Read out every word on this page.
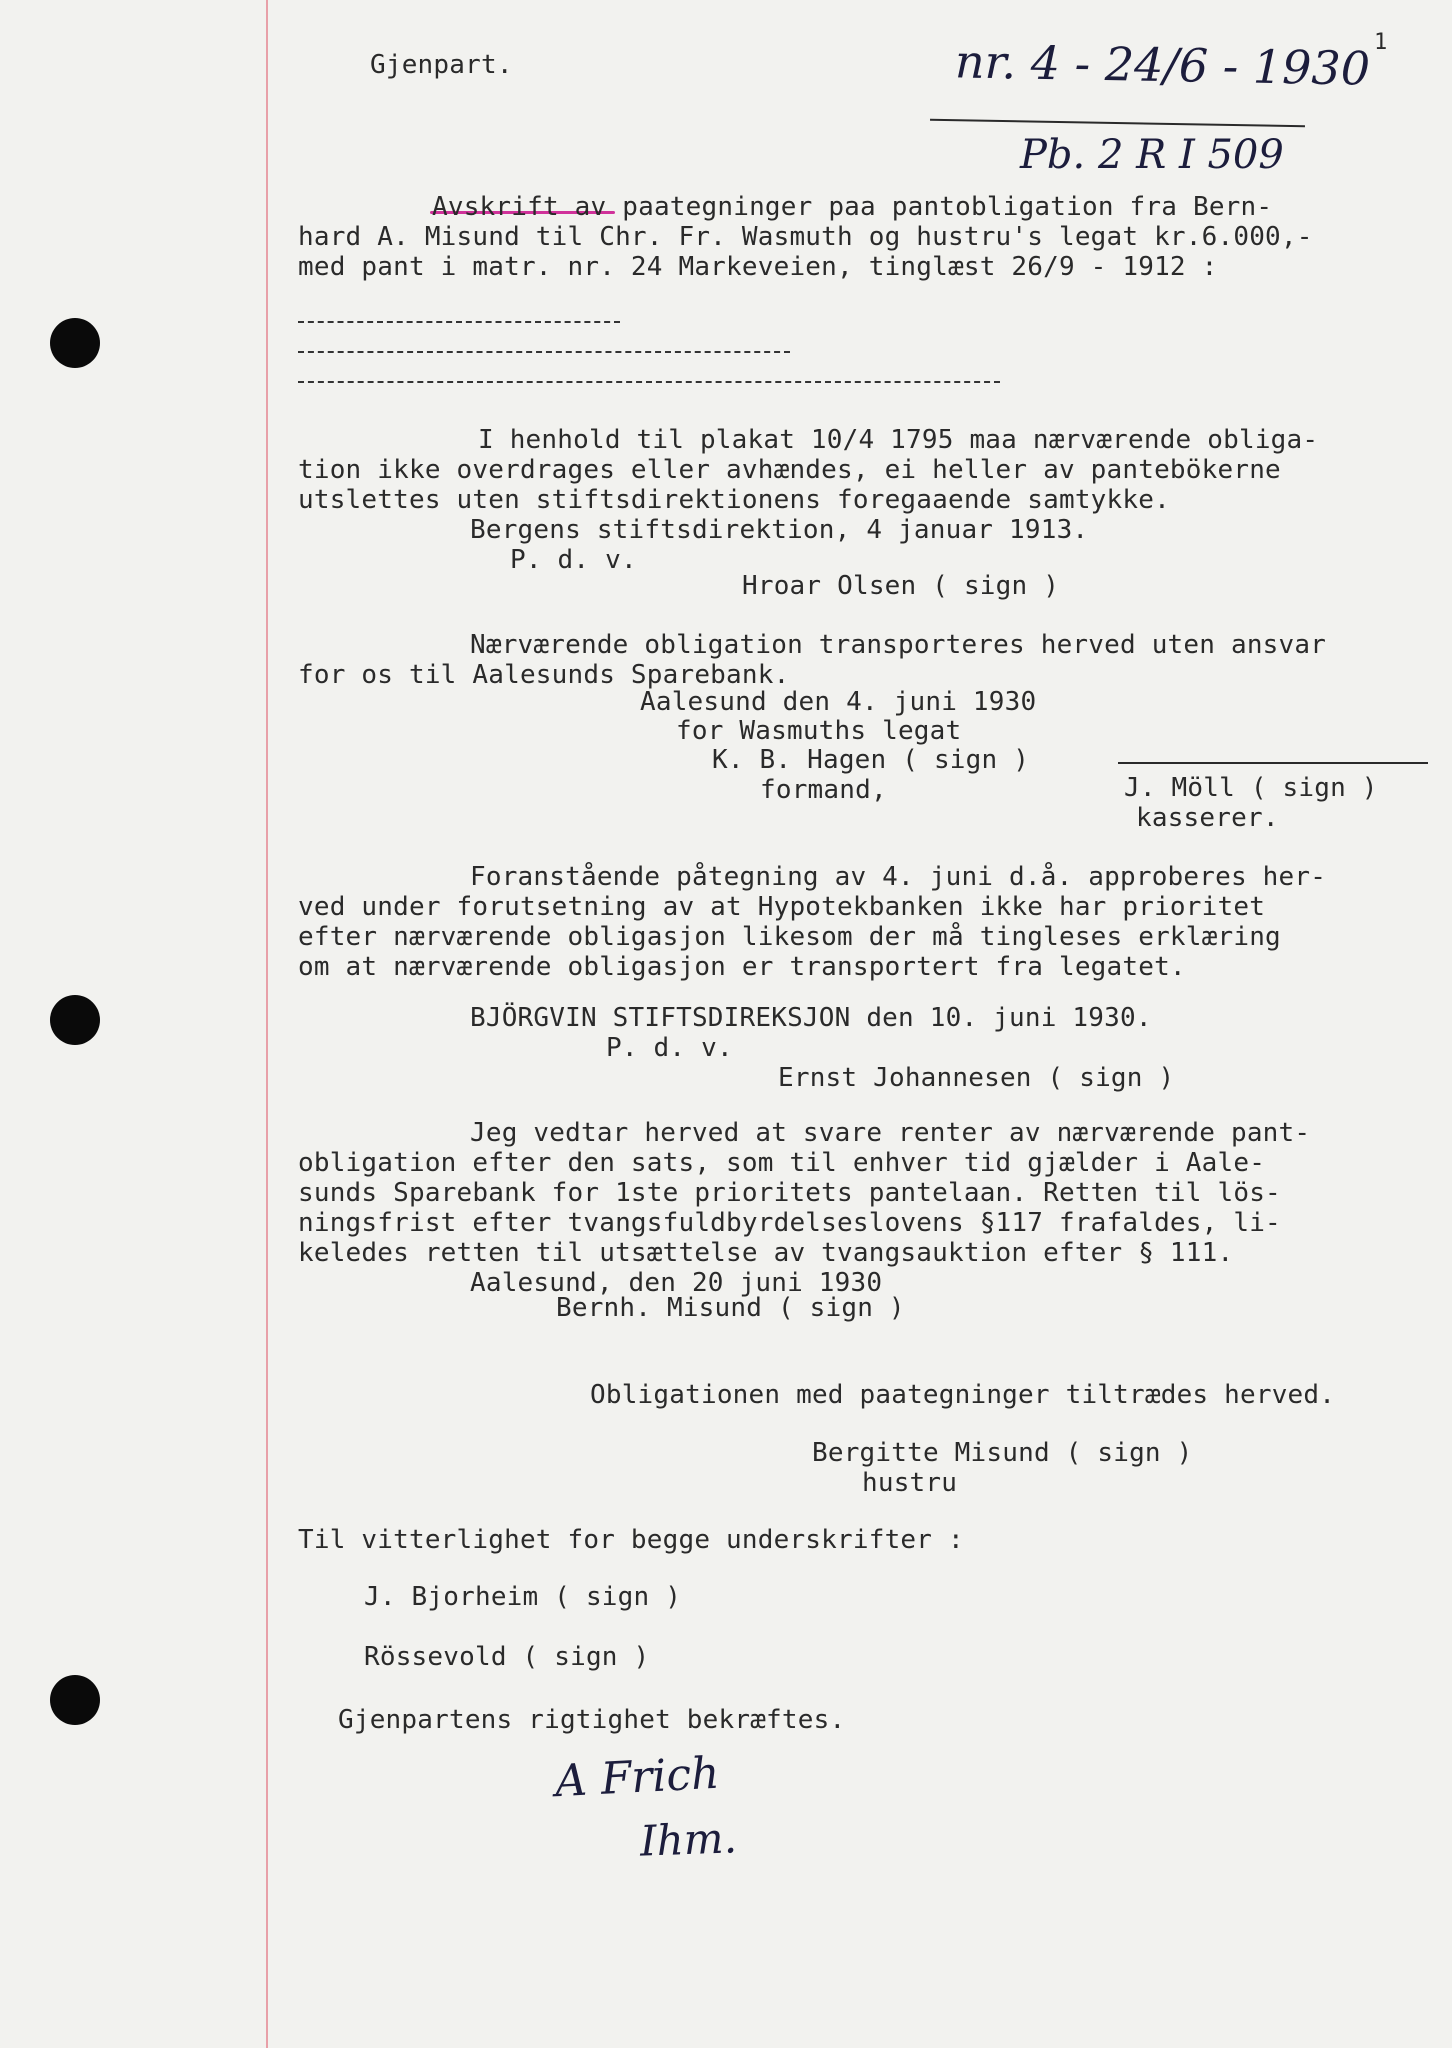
Gjenpart.	nr. 4 - 24/6 - 1930
Pb. 2 R I 509
1
Avskrift av paategninger paa pantobligation fra Bern-
hard A. Misund til Chr. Fr. Wasmuth og hustru's legat kr.6.000,-
med pant i matr. nr. 24 Markeveien, tinglæst 26/9 - 1912 :
I henhold til plakat 10/4 1795 maa nærværende obliga-
tion ikke overdrages eller avhændes, ei heller av pantebökerne
utslettes uten stiftsdirektionens foregaaende samtykke.
Bergens stiftsdirektion, 4 januar 1913.
P. d. v.
Hroar Olsen ( sign )
Nærværende obligation transporteres herved uten ansvar
for os til Aalesunds Sparebank.
Aalesund den 4. juni 1930
for Wasmuths legat
K. B. Hagen ( sign )
formand,	J. Möll ( sign )
kasserer.
Foranstående påtegning av 4. juni d.å. approberes her-
ved under forutsetning av at Hypotekbanken ikke har prioritet
efter nærværende obligasjon likesom der må tingleses erklæring
om at nærværende obligasjon er transportert fra legatet.
BJÖRGVIN STIFTSDIREKSJON den 10. juni 1930.
P. d. v.
Ernst Johannesen ( sign )
Jeg vedtar herved at svare renter av nærværende pant-
obligation efter den sats, som til enhver tid gjælder i Aale-
sunds Sparebank for 1ste prioritets pantelaan. Retten til lös-
ningsfrist efter tvangsfuldbyrdelseslovens §117 frafaldes, li-
keledes retten til utsættelse av tvangsauktion efter § 111.
Aalesund, den 20 juni 1930
Bernh. Misund ( sign )
Obligationen med paategninger tiltrædes herved.
Bergitte Misund ( sign )
hustru
Til vitterlighet for begge underskrifter :
J. Bjorheim ( sign )
Rössevold ( sign )
Gjenpartens rigtighet bekræftes.
A Frich
Ihm.
